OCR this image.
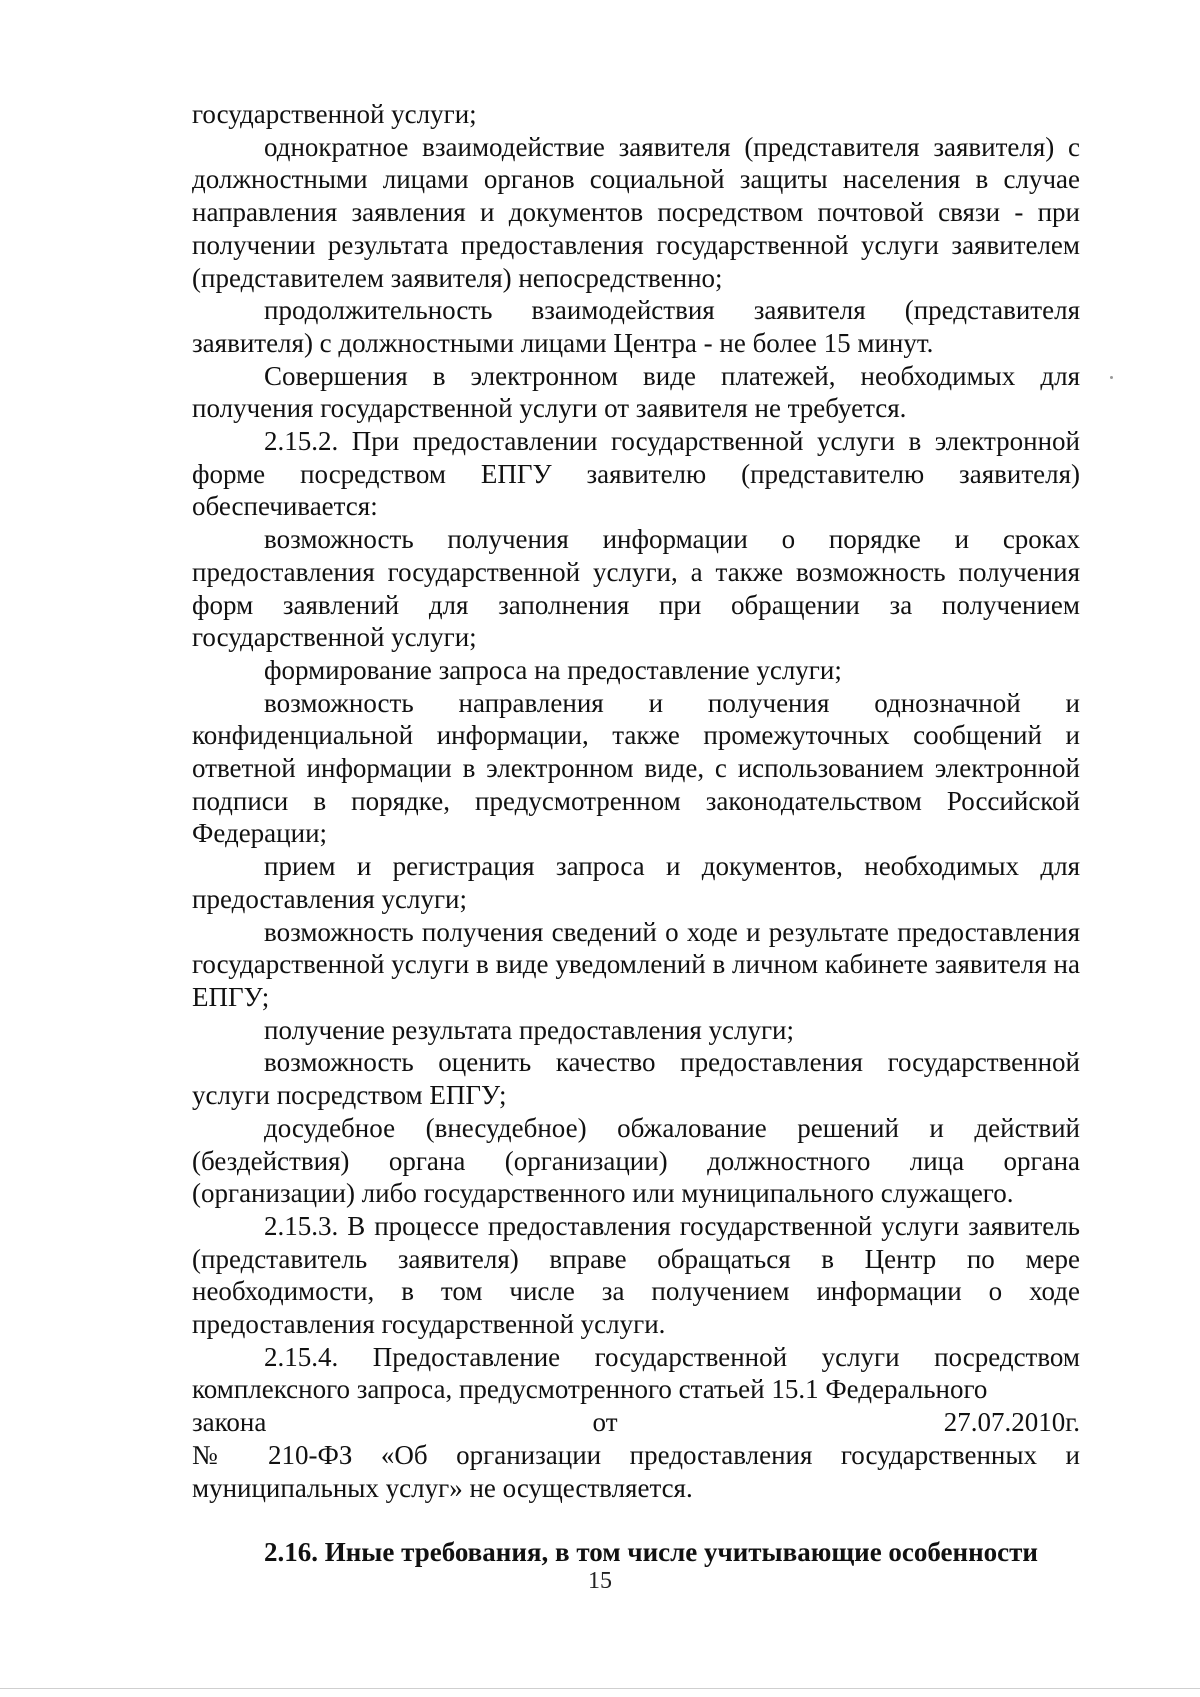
государственной услуги;

однократное взаимодействие заявителя (представителя заявителя) с должностными лицами органов социальной защиты населения в случае направления заявления и документов посредством почтовой связи - при получении результата предоставления государственной услуги заявителем (представителем заявителя) непосредственно;

продолжительность взаимодействия заявителя (представителя заявителя) с должностными лицами Центра - не более 15 минут.

Совершения в электронном виде платежей, необходимых для получения государственной услуги от заявителя не требуется.

2.15.2. При предоставлении государственной услуги в электронной форме посредством ЕПГУ заявителю (представителю заявителя) обеспечивается:

возможность получения информации о порядке и сроках предоставления государственной услуги, а также возможность получения форм заявлений для заполнения при обращении за получением государственной услуги;

формирование запроса на предоставление услуги;

возможность направления и получения однозначной и конфиденциальной информации, также промежуточных сообщений и ответной информации в электронном виде, с использованием электронной подписи в порядке, предусмотренном законодательством Российской Федерации;

прием и регистрация запроса и документов, необходимых для предоставления услуги;

возможность получения сведений о ходе и результате предоставления государственной услуги в виде уведомлений в личном кабинете заявителя на ЕПГУ;

получение результата предоставления услуги;

возможность оценить качество предоставления государственной услуги посредством ЕПГУ;

досудебное (внесудебное) обжалование решений и действий (бездействия) органа (организации) должностного лица органа (организации) либо государственного или муниципального служащего.

2.15.3. В процессе предоставления государственной услуги заявитель (представитель заявителя) вправе обращаться в Центр по мере необходимости, в том числе за получением информации о ходе предоставления государственной услуги.

2.15.4. Предоставление государственной услуги посредством комплексного запроса, предусмотренного статьей 15.1 Федерального

закона от 27.07.2010г.

№ 210-ФЗ «Об организации предоставления государственных и муниципальных услуг» не осуществляется.

2.16. Иные требования, в том числе учитывающие особенности

15
